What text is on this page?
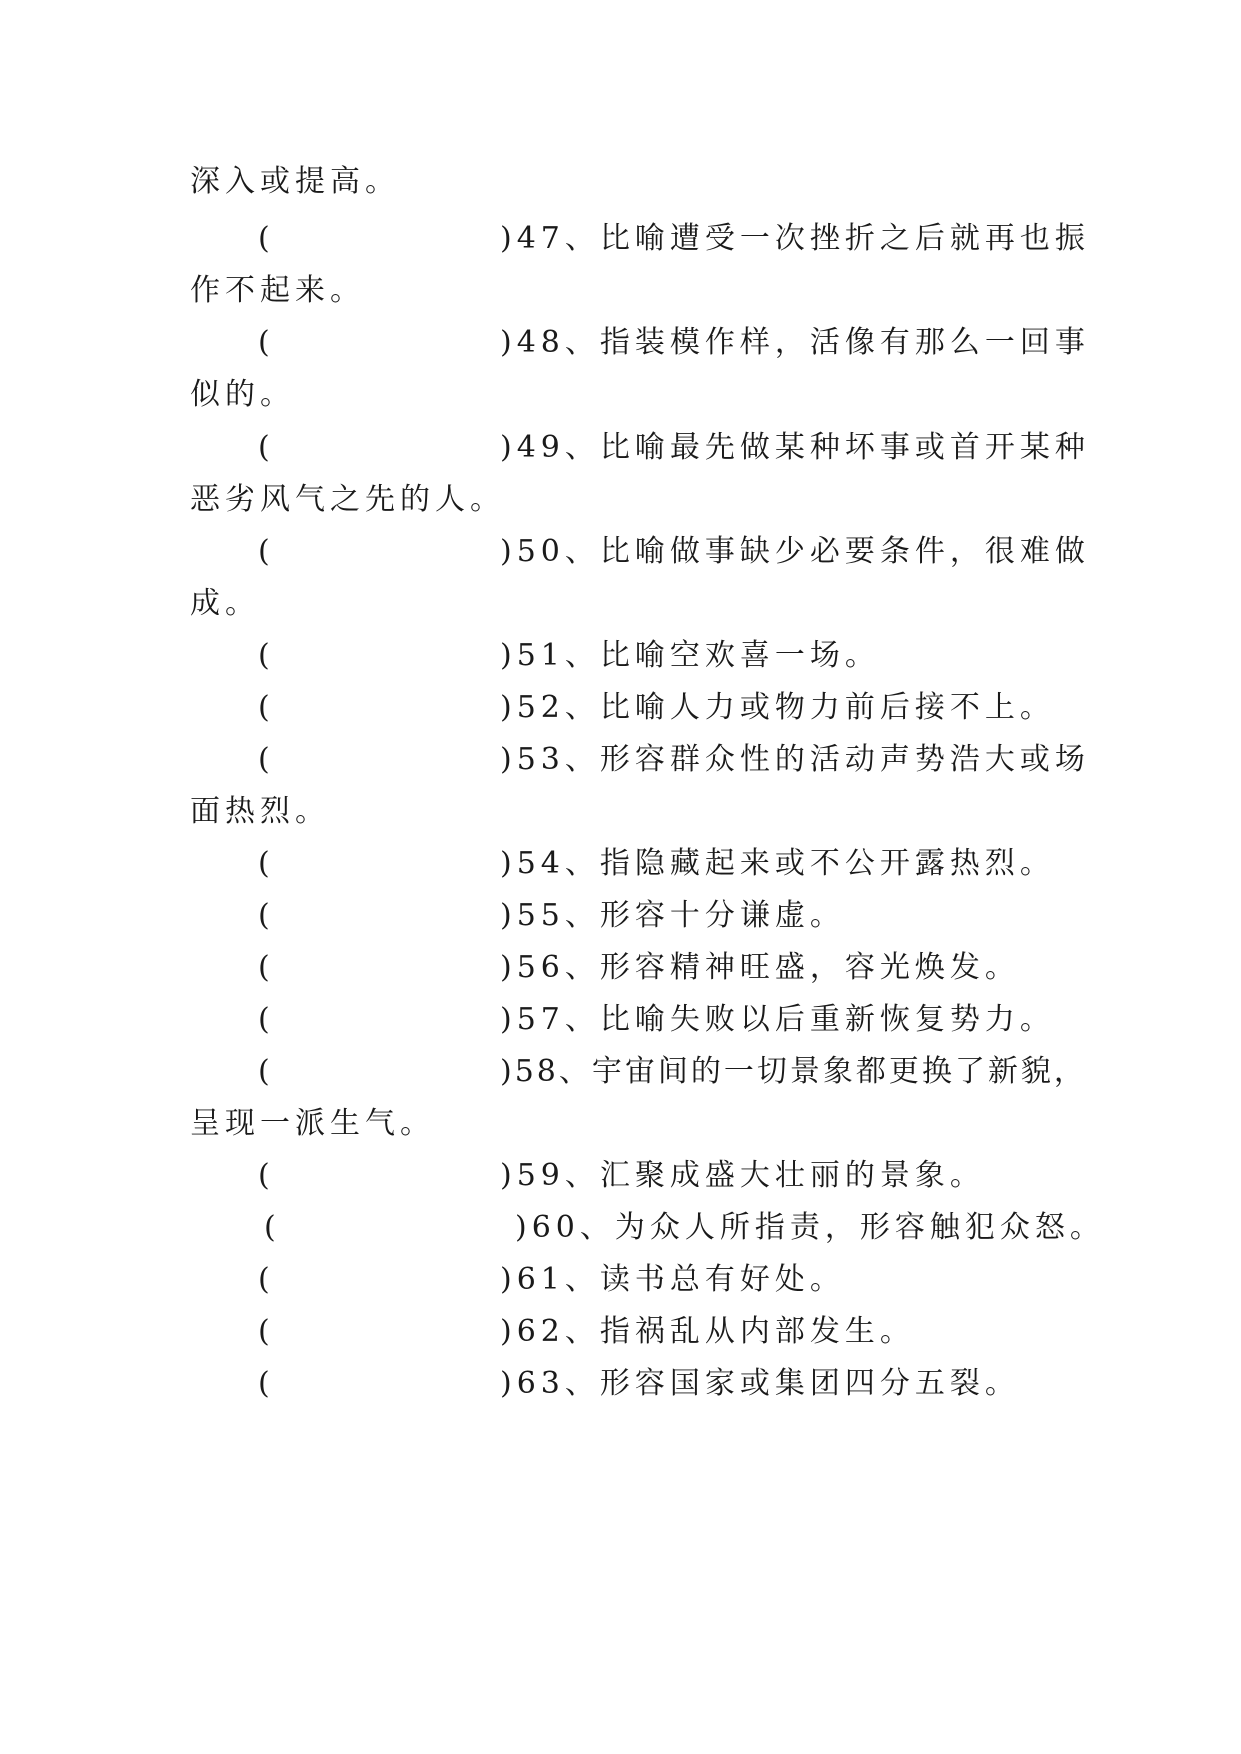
深入或提高。
(	)47、比喻遭受一次挫折之后就再也振
作不起来。
(	)48、指装模作样，活像有那么一回事
似的。
(	)49、比喻最先做某种坏事或首开某种
恶劣风气之先的人。
(	)50、比喻做事缺少必要条件，很难做
成。
(	)51、比喻空欢喜一场。
(	)52、比喻人力或物力前后接不上。
(	)53、形容群众性的活动声势浩大或场
面热烈。
(	)54、指隐藏起来或不公开露热烈。
(	)55、形容十分谦虚。
(	)56、形容精神旺盛，容光焕发。
(	)57、比喻失败以后重新恢复势力。
(	)58、宇宙间的一切景象都更换了新貌，
呈现一派生气。
(	)59、汇聚成盛大壮丽的景象。
(	)60、为众人所指责，形容触犯众怒。
(	)61、读书总有好处。
(	)62、指祸乱从内部发生。
(	)63、形容国家或集团四分五裂。
